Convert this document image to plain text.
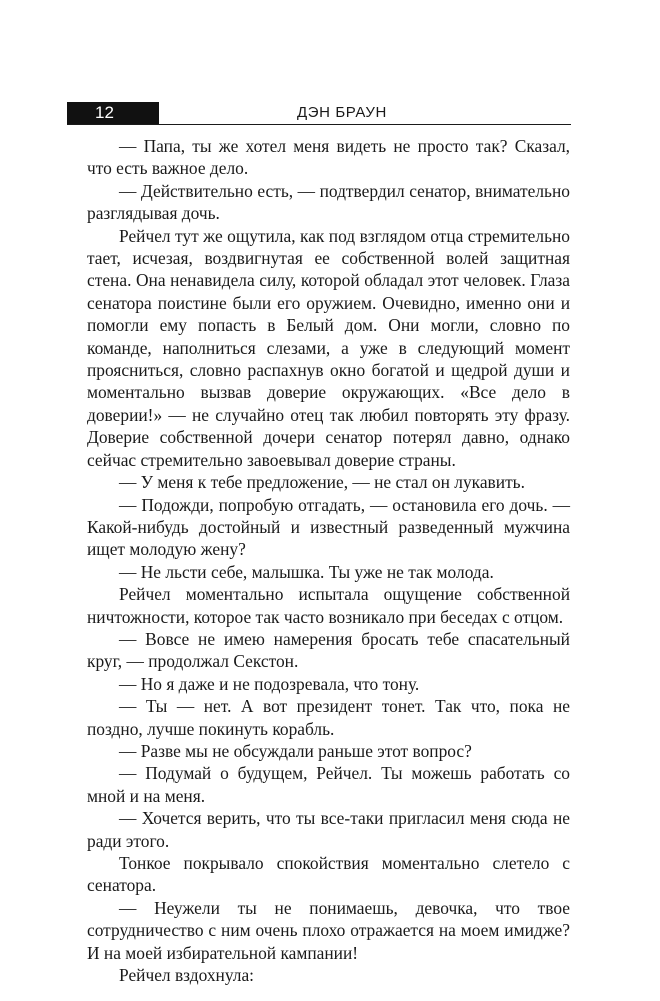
12	ДЭН БРАУН

— Папа, ты же хотел меня видеть не просто так? Сказал, что есть важное дело.

— Действительно есть, — подтвердил сенатор, внимательно разглядывая дочь.

Рейчел тут же ощутила, как под взглядом отца стремительно тает, исчезая, воздвигнутая ее собственной волей защитная стена. Она ненавидела силу, которой обладал этот человек. Глаза сенатора поистине были его оружием. Очевидно, именно они и помогли ему попасть в Белый дом. Они могли, словно по команде, наполниться слезами, а уже в следующий момент проясниться, словно распахнув окно богатой и щедрой души и моментально вызвав доверие окружающих. «Все дело в доверии!» — не случайно отец так любил повторять эту фразу. Доверие собственной дочери сенатор потерял давно, однако сейчас стремительно завоевывал доверие страны.

— У меня к тебе предложение, — не стал он лукавить.

— Подожди, попробую отгадать, — остановила его дочь. — Какой-нибудь достойный и известный разведенный мужчина ищет молодую жену?

— Не льсти себе, малышка. Ты уже не так молода.

Рейчел моментально испытала ощущение собственной ничтожности, которое так часто возникало при беседах с отцом.

— Вовсе не имею намерения бросать тебе спасательный круг, — продолжал Секстон.

— Но я даже и не подозревала, что тону.

— Ты — нет. А вот президент тонет. Так что, пока не поздно, лучше покинуть корабль.

— Разве мы не обсуждали раньше этот вопрос?

— Подумай о будущем, Рейчел. Ты можешь работать со мной и на меня.

— Хочется верить, что ты все-таки пригласил меня сюда не ради этого.

Тонкое покрывало спокойствия моментально слетело с сенатора.

— Неужели ты не понимаешь, девочка, что твое сотрудничество с ним очень плохо отражается на моем имидже? И на моей избирательной кампании!

Рейчел вздохнула:
